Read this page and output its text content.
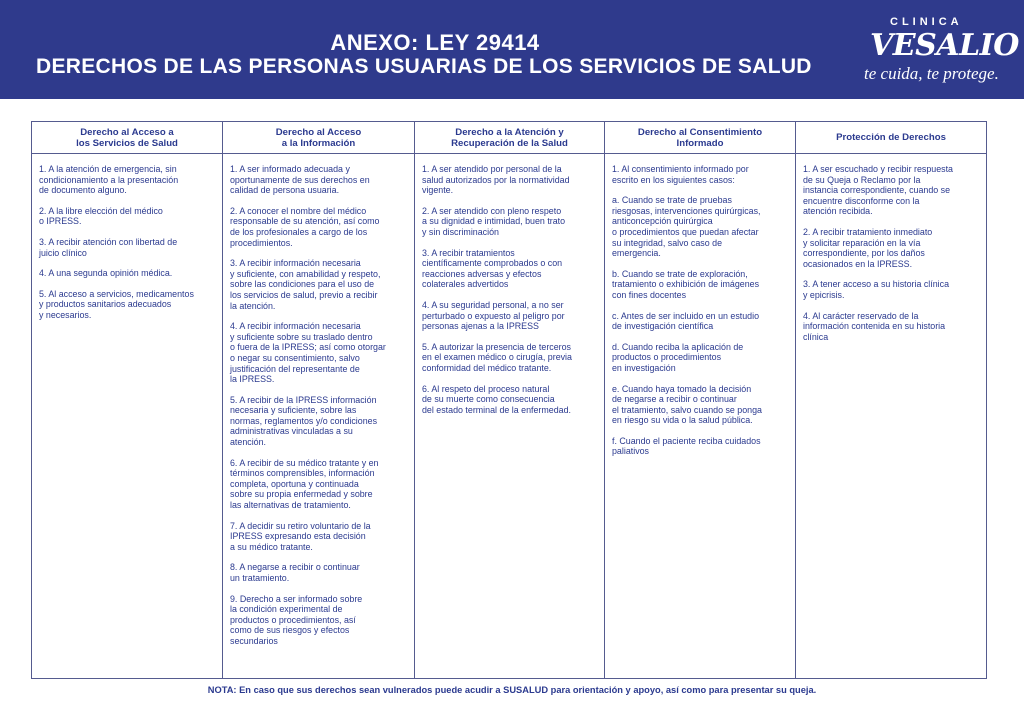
ANEXO: LEY 29414
DERECHOS DE LAS PERSONAS USUARIAS DE LOS SERVICIOS DE SALUD
CLINICA
VESALIO
te cuida, te protege.
Derecho al Acceso a
los Servicios de Salud
1. A la atención de emergencia, sin
condicionamiento a la presentación
de documento alguno.
2. A la libre elección del médico
o IPRESS.
3. A recibir atención con libertad de
juicio clínico
4. A una segunda opinión médica.
5. Al acceso a servicios, medicamentos
y productos sanitarios adecuados
y necesarios.
Derecho al Acceso
a la Información
1. A ser informado adecuada y
oportunamente de sus derechos en
calidad de persona usuaria.
2. A conocer el nombre del médico
responsable de su atención, así como
de los profesionales a cargo de los
procedimientos.
3. A recibir información necesaria
y suficiente, con amabilidad y respeto,
sobre las condiciones para el uso de
los servicios de salud, previo a recibir
la atención.
4. A recibir información necesaria
y suficiente sobre su traslado dentro
o fuera de la IPRESS; así como otorgar
o negar su consentimiento, salvo
justificación del representante de
la IPRESS.
5. A recibir de la IPRESS información
necesaria y suficiente, sobre las
normas, reglamentos y/o condiciones
administrativas vinculadas a su
atención.
6. A recibir de su médico tratante y en
términos comprensibles, información
completa, oportuna y continuada
sobre su propia enfermedad y sobre
las alternativas de tratamiento.
7. A decidir su retiro voluntario de la
IPRESS expresando esta decisión
a su médico tratante.
8. A negarse a recibir o continuar
un tratamiento.
9. Derecho a ser informado sobre
la condición experimental de
productos o procedimientos, así
como de sus riesgos y efectos
secundarios
Derecho a la Atención y
Recuperación de la Salud
1. A ser atendido por personal de la
salud autorizados por la normatividad
vigente.
2. A ser atendido con pleno respeto
a su dignidad e intimidad, buen trato
y sin discriminación
3. A recibir tratamientos
científicamente comprobados o con
reacciones adversas y efectos
colaterales advertidos
4. A su seguridad personal, a no ser
perturbado o expuesto al peligro por
personas ajenas a la IPRESS
5. A autorizar la presencia de terceros
en el examen médico o cirugía, previa
conformidad del médico tratante.
6. Al respeto del proceso natural
de su muerte como consecuencia
del estado terminal de la enfermedad.
Derecho al Consentimiento
Informado
1. Al consentimiento informado por
escrito en los siguientes casos:
a. Cuando se trate de pruebas
riesgosas, intervenciones quirúrgicas,
anticoncepción quirúrgica
o procedimientos que puedan afectar
su integridad, salvo caso de
emergencia.
b. Cuando se trate de exploración,
tratamiento o exhibición de imágenes
con fines docentes
c. Antes de ser incluido en un estudio
de investigación científica
d. Cuando reciba la aplicación de
productos o procedimientos
en investigación
e. Cuando haya tomado la decisión
de negarse a recibir o continuar
el tratamiento, salvo cuando se ponga
en riesgo su vida o la salud pública.
f. Cuando el paciente reciba cuidados
paliativos
Protección de Derechos
1. A ser escuchado y recibir respuesta
de su Queja o Reclamo por la
instancia correspondiente, cuando se
encuentre disconforme con la
atención recibida.
2. A recibir tratamiento inmediato
y solicitar reparación en la vía
correspondiente, por los daños
ocasionados en la IPRESS.
3. A tener acceso a su historia clínica
y epicrisis.
4. Al carácter reservado de la
información contenida en su historia
clínica
NOTA: En caso que sus derechos sean vulnerados puede acudir a SUSALUD para orientación y apoyo, así como para presentar su queja.
